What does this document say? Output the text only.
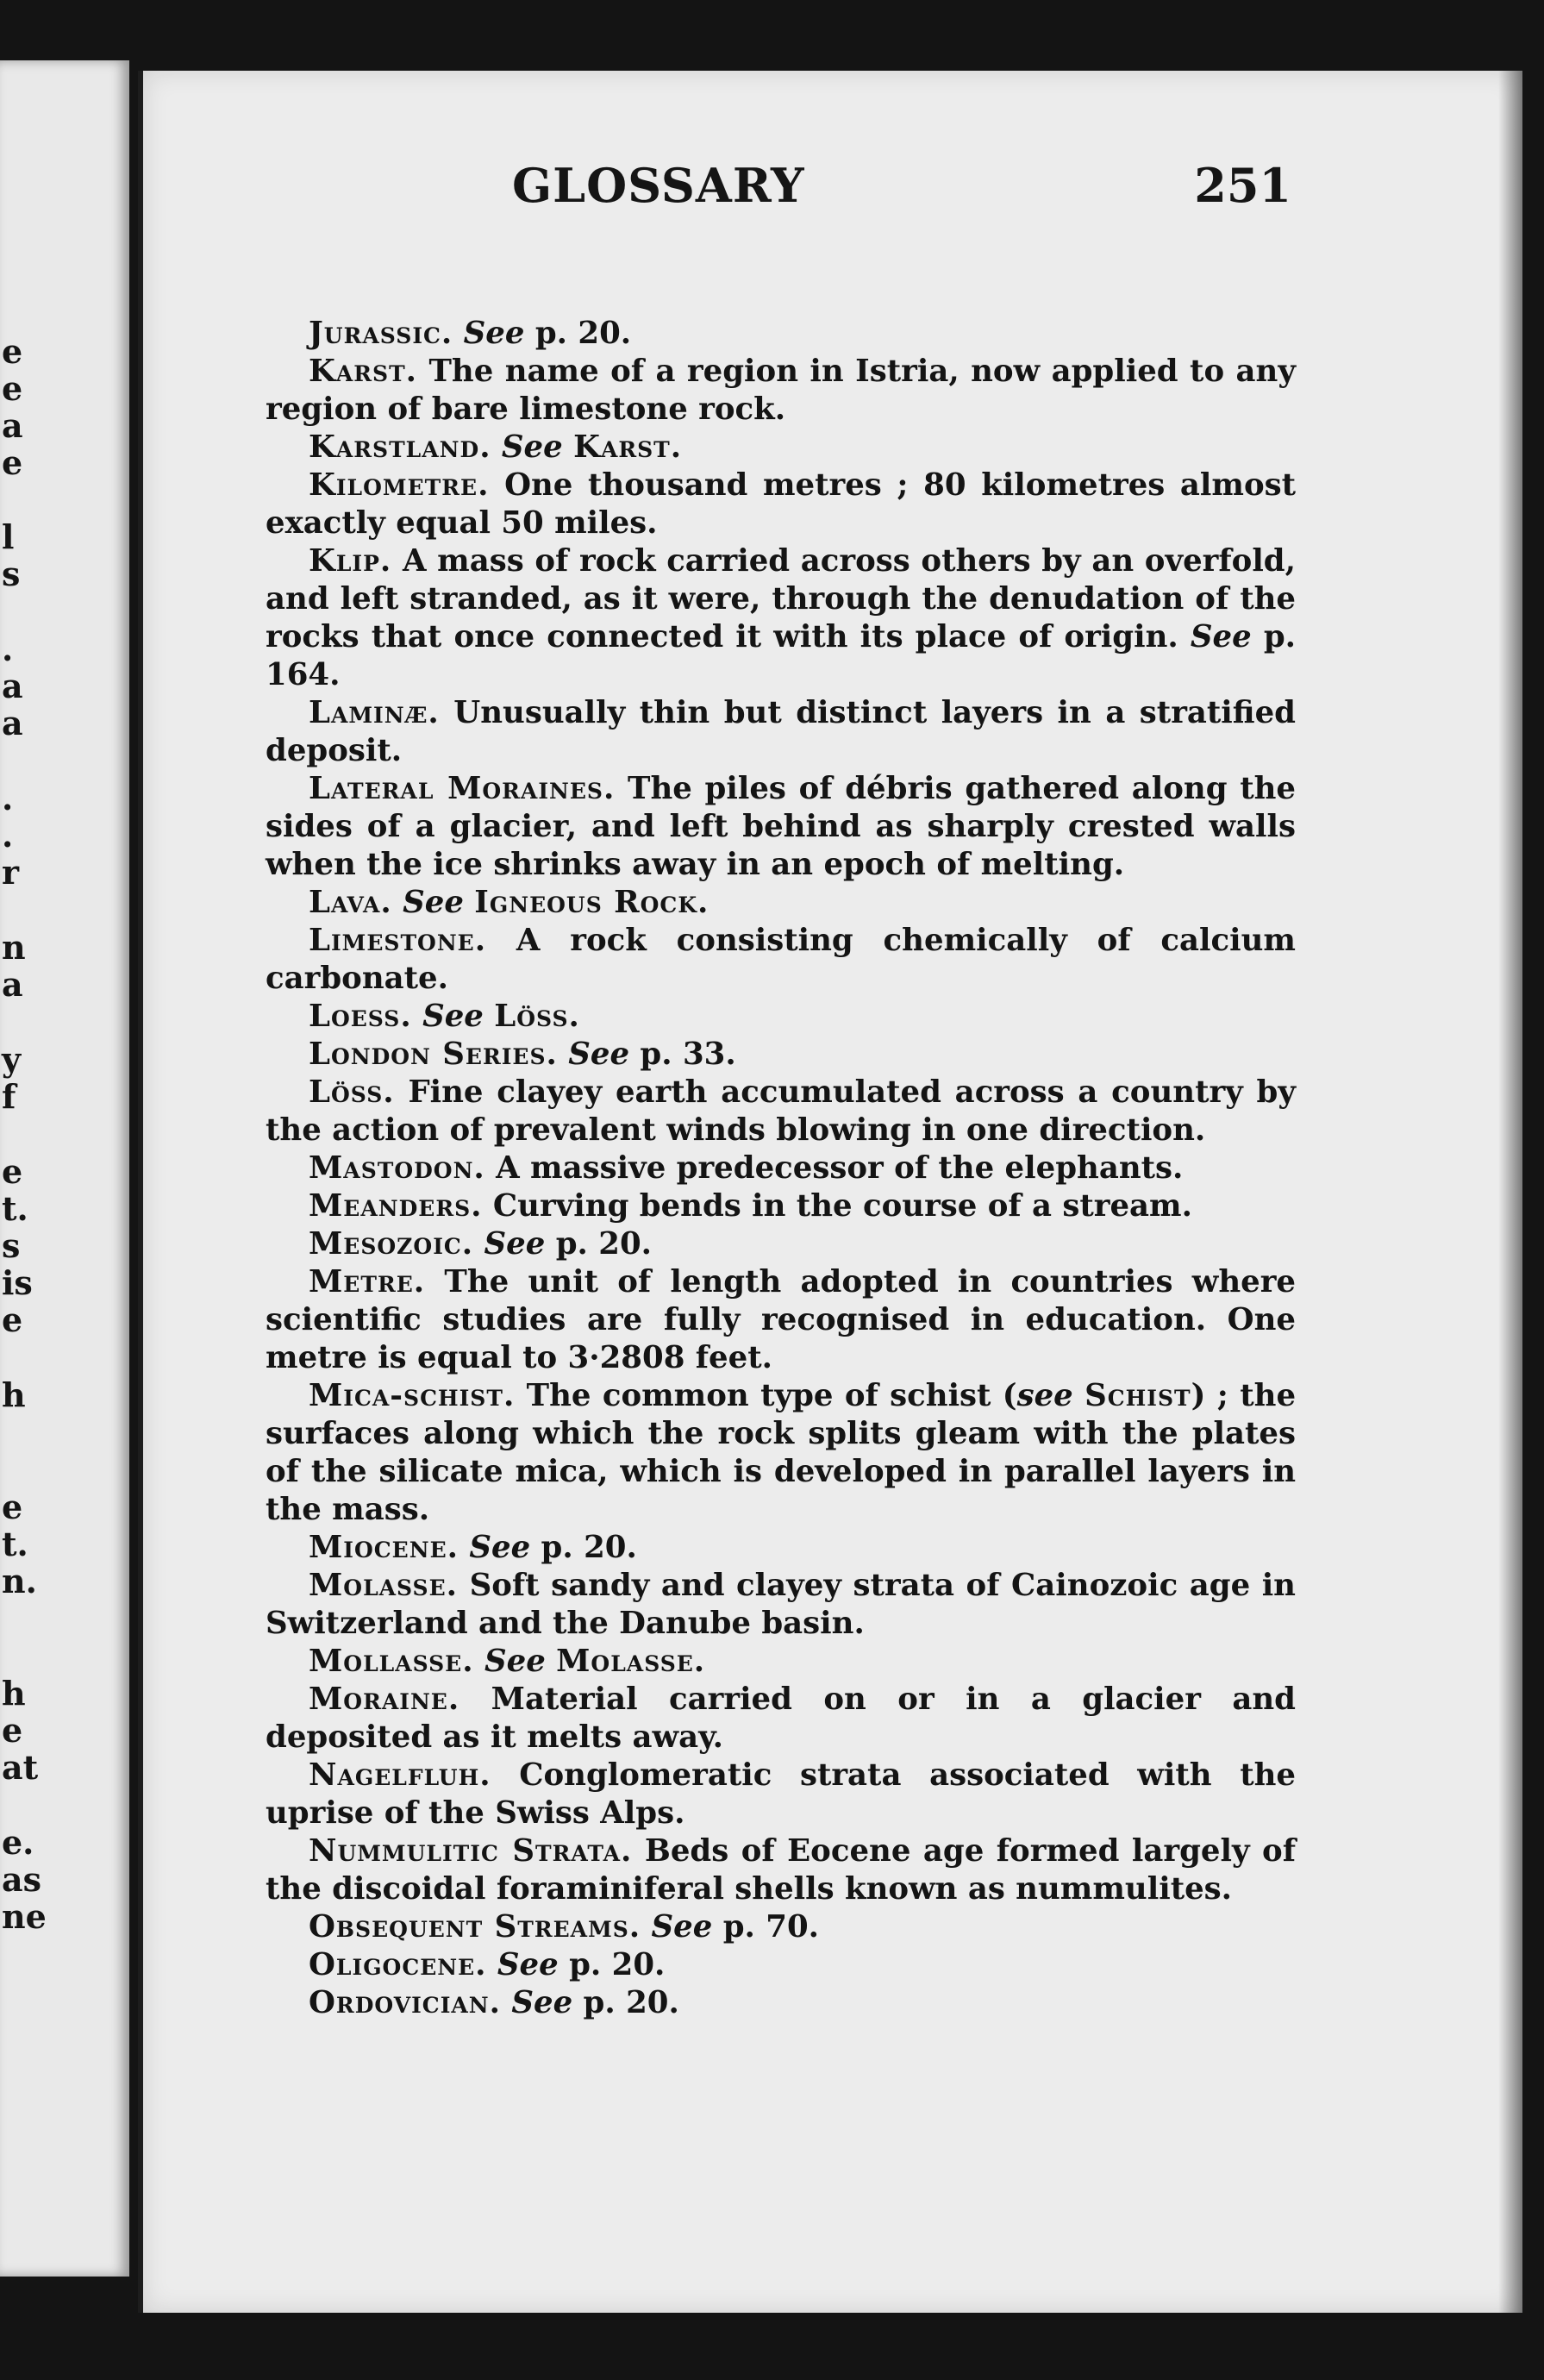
e
e
a
e
l
s
.
a
a
.
.
r
n
a
y
f
e
t.
s
is
e
h
e
t.
n.
h
e
at
e.
as
ne
GLOSSARY	251

Jurassic. See p. 20.

Karst. The name of a region in Istria, now applied to any region of bare limestone rock.

Karstland. See Karst.

Kilometre. One thousand metres ; 80 kilometres almost exactly equal 50 miles.

Klip. A mass of rock carried across others by an overfold, and left stranded, as it were, through the denudation of the rocks that once connected it with its place of origin. See p. 164.

Laminæ. Unusually thin but distinct layers in a stratified deposit.

Lateral Moraines. The piles of débris gathered along the sides of a glacier, and left behind as sharply crested walls when the ice shrinks away in an epoch of melting.

Lava. See Igneous Rock.

Limestone. A rock consisting chemically of calcium carbonate.

Loess. See Löss.

London Series. See p. 33.

Löss. Fine clayey earth accumulated across a country by the action of prevalent winds blowing in one direction.

Mastodon. A massive predecessor of the elephants.

Meanders. Curving bends in the course of a stream.

Mesozoic. See p. 20.

Metre. The unit of length adopted in countries where scientific studies are fully recognised in education. One metre is equal to 3·2808 feet.

Mica-schist. The common type of schist (see Schist) ; the surfaces along which the rock splits gleam with the plates of the silicate mica, which is developed in parallel layers in the mass.

Miocene. See p. 20.

Molasse. Soft sandy and clayey strata of Cainozoic age in Switzerland and the Danube basin.

Mollasse. See Molasse.

Moraine. Material carried on or in a glacier and deposited as it melts away.

Nagelfluh. Conglomeratic strata associated with the uprise of the Swiss Alps.

Nummulitic Strata. Beds of Eocene age formed largely of the discoidal foraminiferal shells known as nummulites.

Obsequent Streams. See p. 70.

Oligocene. See p. 20.

Ordovician. See p. 20.
